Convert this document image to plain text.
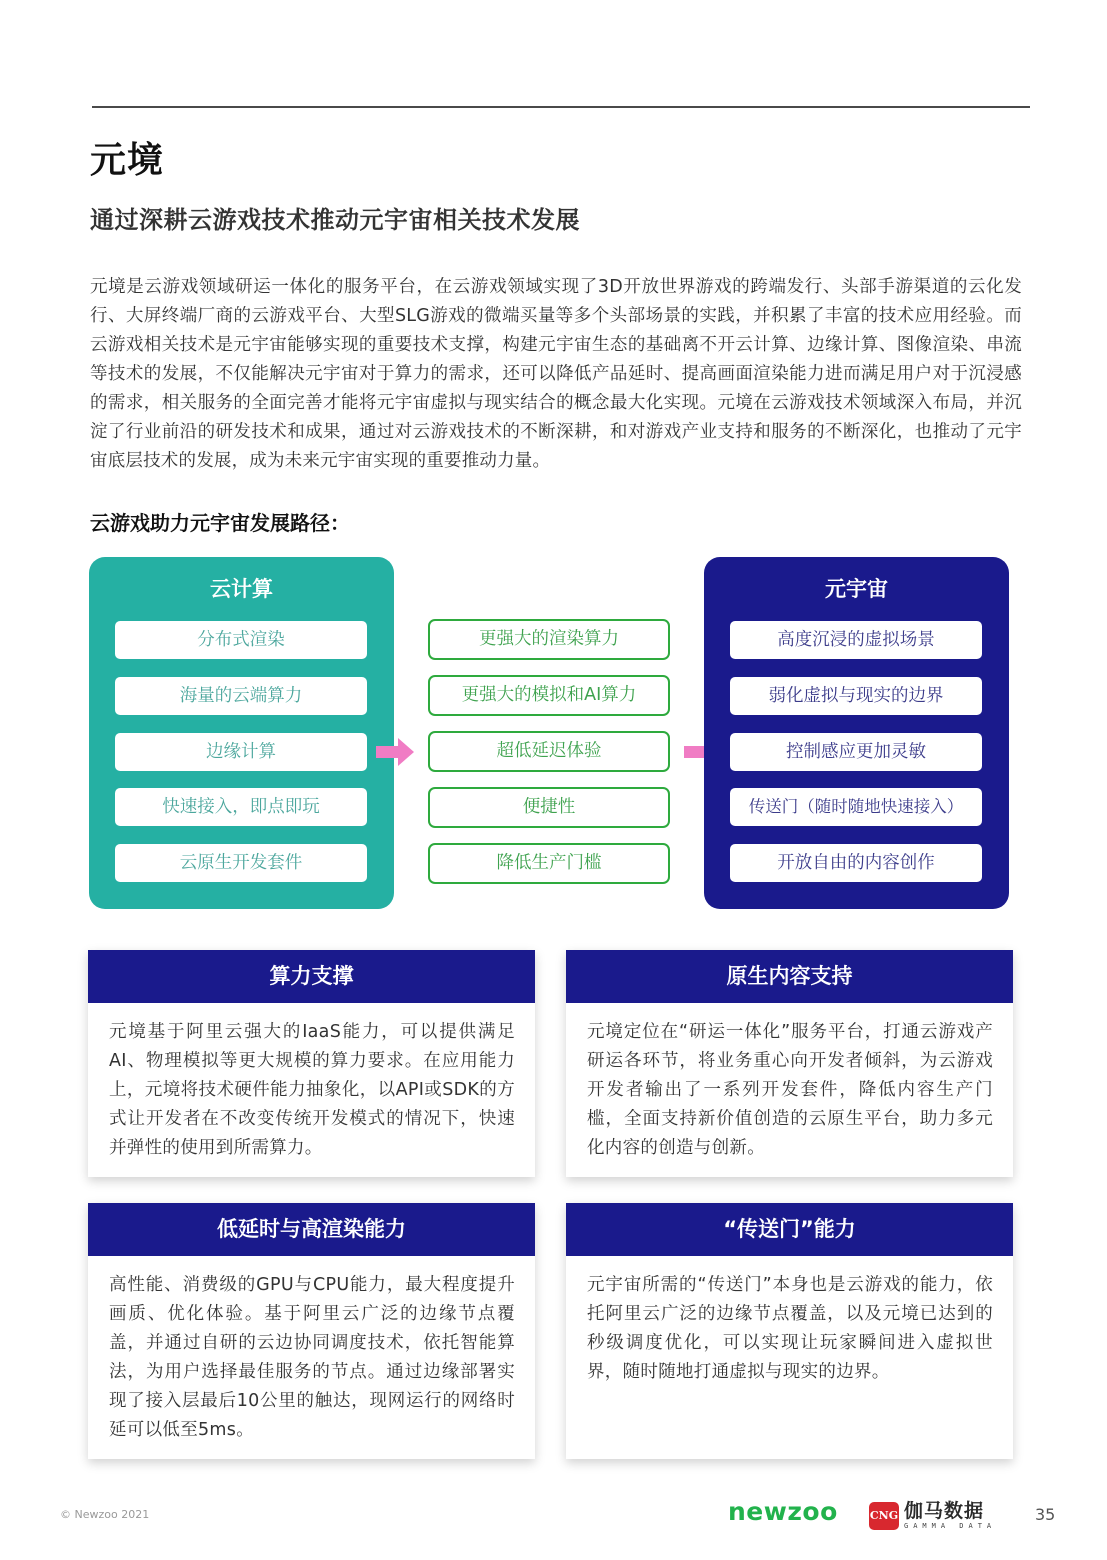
元境
通过深耕云游戏技术推动元宇宙相关技术发展

元境是云游戏领域研运一体化的服务平台，在云游戏领域实现了3D开放世界游戏的跨端发行、头部手游渠道的云化发行、大屏终端厂商的云游戏平台、大型SLG游戏的微端买量等多个头部场景的实践，并积累了丰富的技术应用经验。而云游戏相关技术是元宇宙能够实现的重要技术支撑，构建元宇宙生态的基础离不开云计算、边缘计算、图像渲染、串流等技术的发展，不仅能解决元宇宙对于算力的需求，还可以降低产品延时、提高画面渲染能力进而满足用户对于沉浸感的需求，相关服务的全面完善才能将元宇宙虚拟与现实结合的概念最大化实现。元境在云游戏技术领域深入布局，并沉淀了行业前沿的研发技术和成果，通过对云游戏技术的不断深耕，和对游戏产业支持和服务的不断深化，也推动了元宇宙底层技术的发展，成为未来元宇宙实现的重要推动力量。

云游戏助力元宇宙发展路径：
云计算
分布式渲染
海量的云端算力
边缘计算
快速接入，即点即玩
云原生开发套件
更强大的渲染算力
更强大的模拟和AI算力
超低延迟体验
便捷性
降低生产门槛
元宇宙
高度沉浸的虚拟场景
弱化虚拟与现实的边界
控制感应更加灵敏
传送门（随时随地快速接入）
开放自由的内容创作
算力支撑
元境基于阿里云强大的IaaS能力，可以提供满足AI、物理模拟等更大规模的算力要求。在应用能力上，元境将技术硬件能力抽象化，以API或SDK的方式让开发者在不改变传统开发模式的情况下，快速并弹性的使用到所需算力。
原生内容支持
元境定位在“研运一体化”服务平台，打通云游戏产研运各环节，将业务重心向开发者倾斜，为云游戏开发者输出了一系列开发套件，降低内容生产门槛，全面支持新价值创造的云原生平台，助力多元化内容的创造与创新。
低延时与高渲染能力
高性能、消费级的GPU与CPU能力，最大程度提升画质、优化体验。基于阿里云广泛的边缘节点覆盖，并通过自研的云边协同调度技术，依托智能算法，为用户选择最佳服务的节点。通过边缘部署实现了接入层最后10公里的触达，现网运行的网络时延可以低至5ms。
“传送门”能力
元宇宙所需的“传送门”本身也是云游戏的能力，依托阿里云广泛的边缘节点覆盖，以及元境已达到的秒级调度优化，可以实现让玩家瞬间进入虚拟世界，随时随地打通虚拟与现实的边界。
© Newzoo 2021	newzoo	CNG 伽马数据
GAMMA DATA
35
